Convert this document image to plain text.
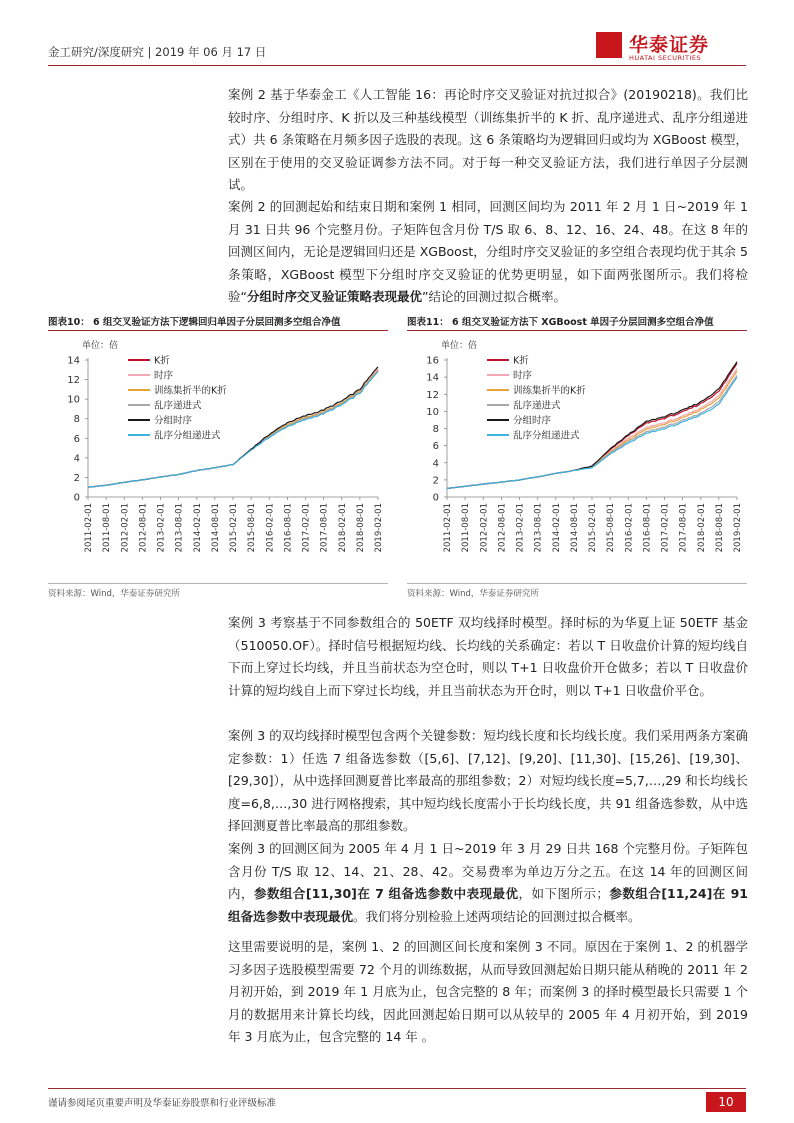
金工研究/深度研究 | 2019 年 06 月 17 日	华泰证券
HUATAI SECURITIES

案例 2 基于华泰金工《人工智能 16：再论时序交叉验证对抗过拟合》(20190218)。我们比较时序、分组时序、K 折以及三种基线模型（训练集折半的 K 折、乱序递进式、乱序分组递进式）共 6 条策略在月频多因子选股的表现。这 6 条策略均为逻辑回归或均为 XGBoost 模型，区别在于使用的交叉验证调参方法不同。对于每一种交叉验证方法，我们进行单因子分层测试。

案例 2 的回测起始和结束日期和案例 1 相同，回测区间均为 2011 年 2 月 1 日~2019 年 1 月 31 日共 96 个完整月份。子矩阵包含月份 T/S 取 6、8、12、16、24、48。在这 8 年的回测区间内，无论是逻辑回归还是 XGBoost，分组时序交叉验证的多空组合表现均优于其余 5 条策略，XGBoost 模型下分组时序交叉验证的优势更明显，如下面两张图所示。我们将检验“分组时序交叉验证策略表现最优”结论的回测过拟合概率。

图表10： 6 组交叉验证方法下逻辑回归单因子分层回测多空组合净值	图表11： 6 组交叉验证方法下 XGBoost 单因子分层回测多空组合净值
单位：倍
0
2
4
6
8
10
12
14
2011-02-01 2011-08-01 2012-02-01 2012-08-01 2013-02-01 2013-08-01 2014-02-01 2014-08-01 2015-02-01 2015-08-01 2016-02-01 2016-08-01 2017-02-01 2017-08-01 2018-02-01 2018-08-01 2019-02-01
K折
时序
训练集折半的K折
乱序递进式
分组时序
乱序分组递进式
单位：倍
0
2
4
6
8
10
12
14
16
2011-02-01 2011-08-01 2012-02-01 2012-08-01 2013-02-01 2013-08-01 2014-02-01 2014-08-01 2015-02-01 2015-08-01 2016-02-01 2016-08-01 2017-02-01 2017-08-01 2018-02-01 2018-08-01 2019-02-01
K折
时序
训练集折半的K折
乱序递进式
分组时序
乱序分组递进式
资料来源：Wind，华泰证券研究所	资料来源：Wind，华泰证券研究所

案例 3 考察基于不同参数组合的 50ETF 双均线择时模型。择时标的为华夏上证 50ETF 基金（510050.OF）。择时信号根据短均线、长均线的关系确定：若以 T 日收盘价计算的短均线自下而上穿过长均线，并且当前状态为空仓时，则以 T+1 日收盘价开仓做多；若以 T 日收盘价计算的短均线自上而下穿过长均线，并且当前状态为开仓时，则以 T+1 日收盘价平仓。

案例 3 的双均线择时模型包含两个关键参数：短均线长度和长均线长度。我们采用两条方案确定参数：1）任选 7 组备选参数（[5,6]、[7,12]、[9,20]、[11,30]、[15,26]、[19,30]、[29,30]），从中选择回测夏普比率最高的那组参数；2）对短均线长度=5,7,…,29 和长均线长度=6,8,…,30 进行网格搜索，其中短均线长度需小于长均线长度，共 91 组备选参数，从中选择回测夏普比率最高的那组参数。

案例 3 的回测区间为 2005 年 4 月 1 日~2019 年 3 月 29 日共 168 个完整月份。子矩阵包含月份 T/S 取 12、14、21、28、42。交易费率为单边万分之五。在这 14 年的回测区间内，参数组合[11,30]在 7 组备选参数中表现最优，如下图所示；参数组合[11,24]在 91 组备选参数中表现最优。我们将分别检验上述两项结论的回测过拟合概率。

这里需要说明的是，案例 1、2 的回测区间长度和案例 3 不同。原因在于案例 1、2 的机器学习多因子选股模型需要 72 个月的训练数据，从而导致回测起始日期只能从稍晚的 2011 年 2 月初开始，到 2019 年 1 月底为止，包含完整的 8 年；而案例 3 的择时模型最长只需要 1 个月的数据用来计算长均线，因此回测起始日期可以从较早的 2005 年 4 月初开始，到 2019 年 3 月底为止，包含完整的 14 年 。

谨请参阅尾页重要声明及华泰证券股票和行业评级标准	10
